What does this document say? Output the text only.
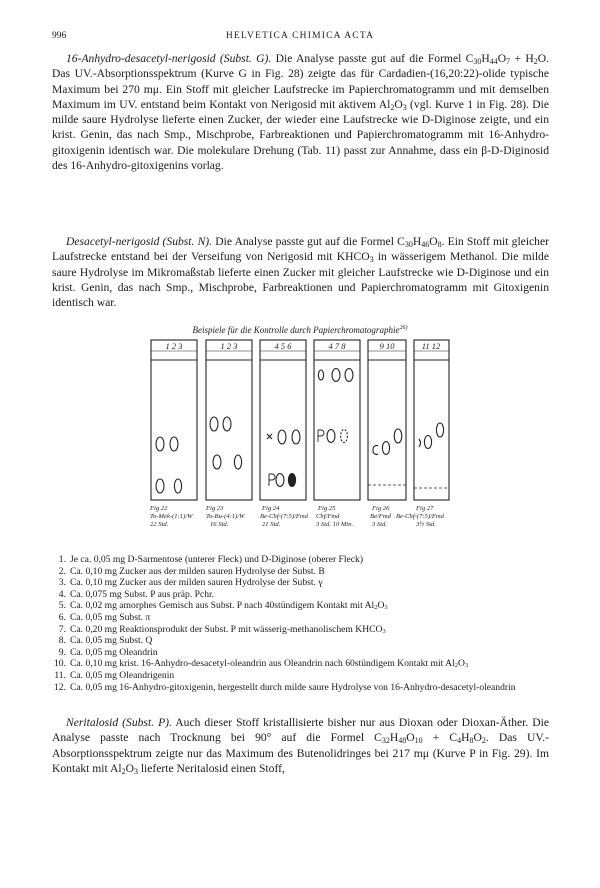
996	HELVETICA CHIMICA ACTA

16-Anhydro-desacetyl-nerigosid (Subst. G). Die Analyse passte gut auf die Formel $C_{30}H_{44}O_7 + H_2O$. Das UV.-Absorptionsspektrum (Kurve G in Fig. 28) zeigte das für Cardadien-(16,20:22)-olide typische Maximum bei 270 mμ. Ein Stoff mit gleicher Laufstrecke im Papierchromatogramm und mit demselben Maximum im UV. entstand beim Kontakt von Nerigosid mit aktivem $Al_2O_3$ (vgl. Kurve 1 in Fig. 28). Die milde saure Hydrolyse lieferte einen Zucker, der wieder eine Laufstrecke wie D-Diginose zeigte, und ein krist. Genin, das nach Smp., Mischprobe, Farbreaktionen und Papierchromatogramm mit 16-Anhydro-gitoxigenin identisch war. Die molekulare Drehung (Tab. 11) passt zur Annahme, dass ein β-D-Diginosid des 16-Anhydro-gitoxigenins vorlag.

Desacetyl-nerigosid (Subst. N). Die Analyse passte gut auf die Formel $C_{30}H_{46}O_8$. Ein Stoff mit gleicher Laufstrecke entstand bei der Verseifung von Nerigosid mit $KHCO_3$ in wässerigem Methanol. Die milde saure Hydrolyse im Mikromaßstab lieferte einen Zucker mit gleicher Laufstrecke wie D-Diginose und ein krist. Genin, das nach Smp., Mischprobe, Farbreaktionen und Papierchromatogramm mit Gitoxigenin identisch war.

Beispiele für die Kontrolle durch Papierchromatographie$^{26)}$
1 2 3	1 2 3	4 5 6	4 7 8	9 10	11 12
Fig 22
To-Mek-(1:1)/W
22 Std.
Fig 23
To-Bu-(4:1)/W
16 Std.
Fig 24
Be-Chf-(7:5)/Fmd
21 Std.
Fig 25
Chf/Fmd
3 Std. 10 Min.
Fig 26
Be/Fmd
3 Std.
Fig 27
Be-Chf-(7:5)/Fmd
3½ Std.
1. Je ca. 0,05 mg D-Sarmentose (unterer Fleck) und D-Diginose (oberer Fleck)
2. Ca. 0,10 mg Zucker aus der milden sauren Hydrolyse der Subst. B
3. Ca. 0,10 mg Zucker aus der milden sauren Hydrolyse der Subst. γ
4. Ca. 0,075 mg Subst. P aus präp. Pchr.
5. Ca. 0,02 mg amorphes Gemisch aus Subst. P nach 40stündigem Kontakt mit $Al_2O_3$
6. Ca. 0,05 mg Subst. π
7. Ca. 0,20 mg Reaktionsprodukt der Subst. P mit wässerig-methanolischem $KHCO_3$
8. Ca. 0,05 mg Subst. Q
9. Ca. 0,05 mg Oleandrin
10. Ca. 0,10 mg krist. 16-Anhydro-desacetyl-oleandrin aus Oleandrin nach 60stündigem Kontakt mit $Al_2O_3$
11. Ca. 0,05 mg Oleandrigenin
12. Ca. 0,05 mg 16-Anhydro-gitoxigenin, hergestellt durch milde saure Hydrolyse von 16-Anhydro-desacetyl-oleandrin

Neritalosid (Subst. P). Auch dieser Stoff kristallisierte bisher nur aus Dioxan oder Dioxan-Äther. Die Analyse passte nach Trocknung bei 90° auf die Formel $C_{32}H_{48}O_{10} + C_4H_8O_2$. Das UV.-Absorptionsspektrum zeigte nur das Maximum des Butenolidringes bei 217 mμ (Kurve P in Fig. 29). Im Kontakt mit $Al_2O_3$ lieferte Neritalosid einen Stoff,
